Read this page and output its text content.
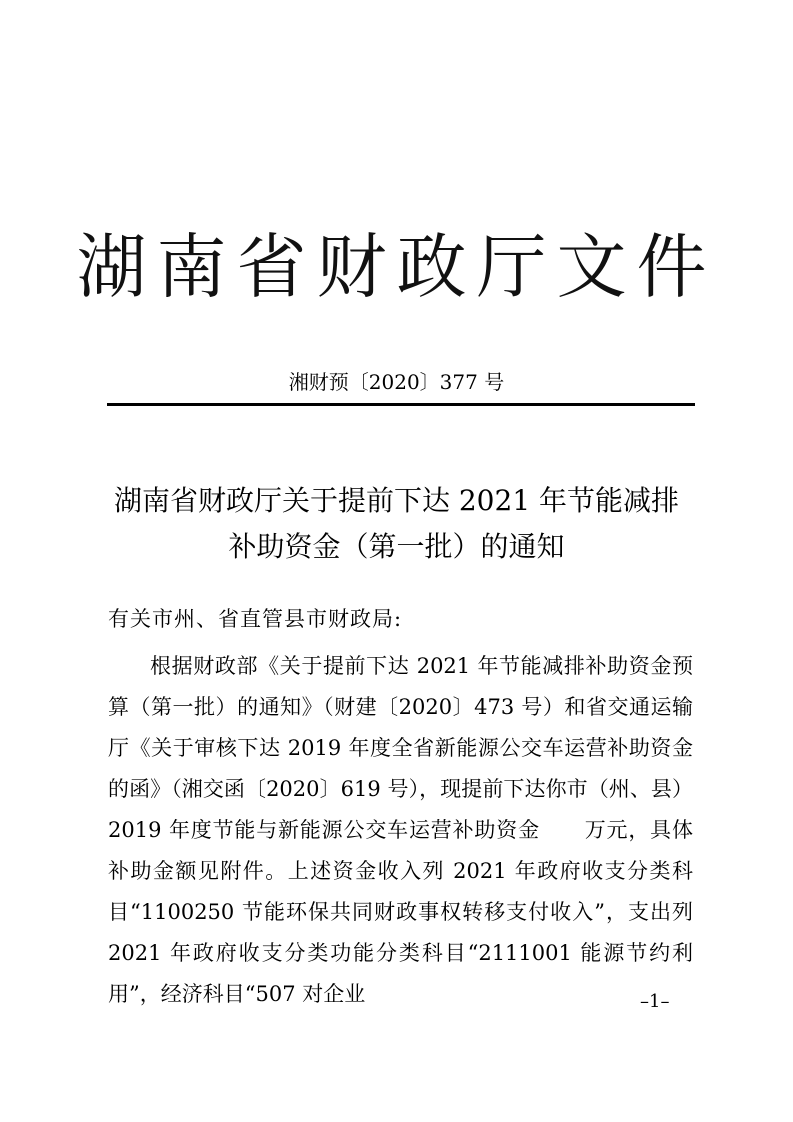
湖南省财政厅文件
湘财预〔2020〕377 号
湖南省财政厅关于提前下达 2021 年节能减排
补助资金（第一批）的通知
有关市州、省直管县市财政局:
根据财政部《关于提前下达 2021 年节能减排补助资金预算（第一批）的通知》（财建〔2020〕473 号）和省交通运输厅《关于审核下达 2019 年度全省新能源公交车运营补助资金的函》（湘交函〔2020〕619 号），现提前下达你市（州、县）2019 年度节能与新能源公交车运营补助资金 万元，具体补助金额见附件。上述资金收入列 2021 年政府收支分类科目“1100250 节能环保共同财政事权转移支付收入”，支出列 2021 年政府收支分类功能分类科目“2111001 能源节约利用”，经济科目“507 对企业	–1–
